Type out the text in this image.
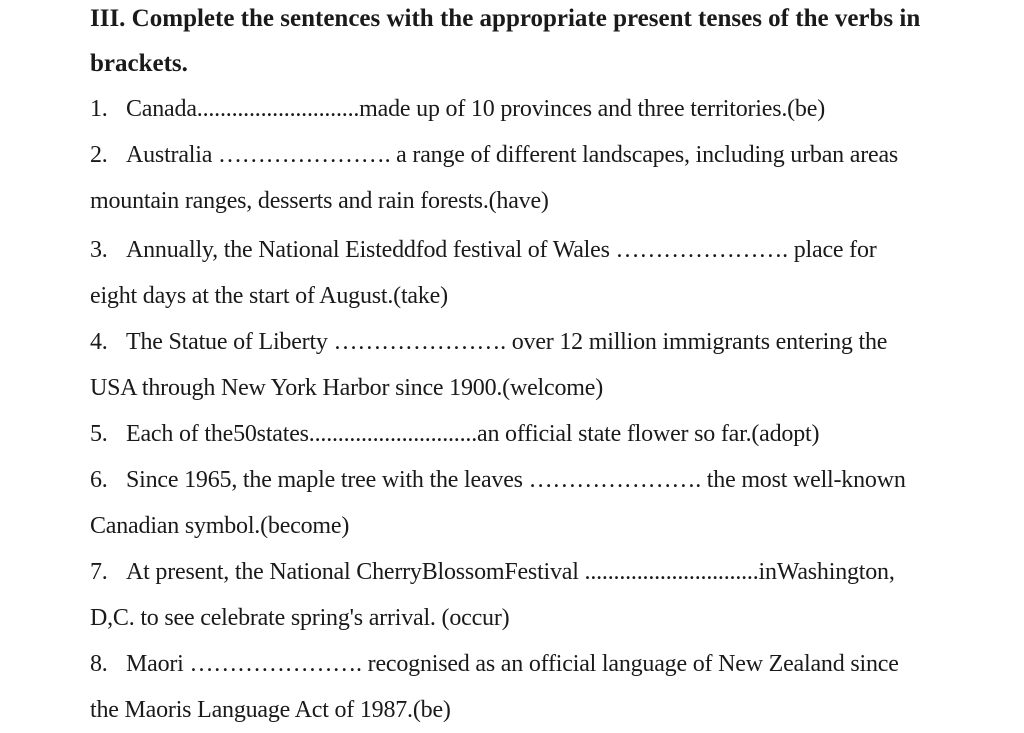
III. Complete the sentences with the appropriate present tenses of the verbs in
brackets.
1. Canada............................made up of 10 provinces and three territories.(be)
2. Australia …………………. a range of different landscapes, including urban areas
mountain ranges, desserts and rain forests.(have)
3. Annually, the National Eisteddfod festival of Wales …………………. place for
eight days at the start of August.(take)
4. The Statue of Liberty …………………. over 12 million immigrants entering the
USA through New York Harbor since 1900.(welcome)
5. Each of the50states.............................an official state flower so far.(adopt)
6. Since 1965, the maple tree with the leaves …………………. the most well-known
Canadian symbol.(become)
7. At present, the National CherryBlossomFestival ..............................inWashington,
D,C. to see celebrate spring's arrival. (occur)
8. Maori …………………. recognised as an official language of New Zealand since
the Maoris Language Act of 1987.(be)
